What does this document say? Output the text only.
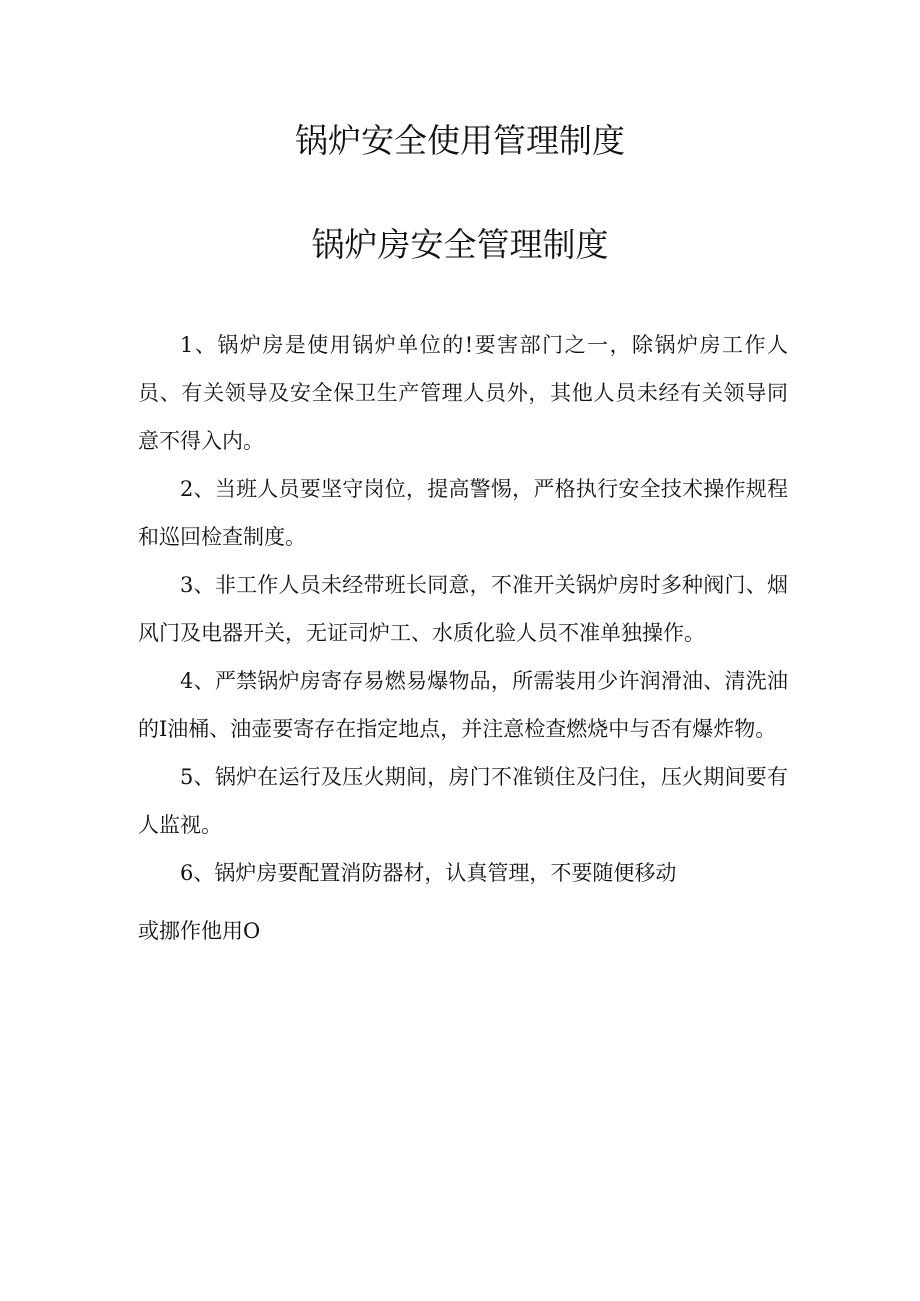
锅炉安全使用管理制度
锅炉房安全管理制度

1、锅炉房是使用锅炉单位的!要害部门之一，除锅炉房工作人员、有关领导及安全保卫生产管理人员外，其他人员未经有关领导同意不得入内。

2、当班人员要坚守岗位，提高警惕，严格执行安全技术操作规程和巡回检查制度。

3、非工作人员未经带班长同意，不准开关锅炉房时多种阀门、烟风门及电器开关，无证司炉工、水质化验人员不准单独操作。

4、严禁锅炉房寄存易燃易爆物品，所需装用少许润滑油、清洗油的I油桶、油壶要寄存在指定地点，并注意检查燃烧中与否有爆炸物。

5、锅炉在运行及压火期间，房门不准锁住及闩住，压火期间要有人监视。

6、锅炉房要配置消防器材，认真管理，不要随便移动

或挪作他用O
